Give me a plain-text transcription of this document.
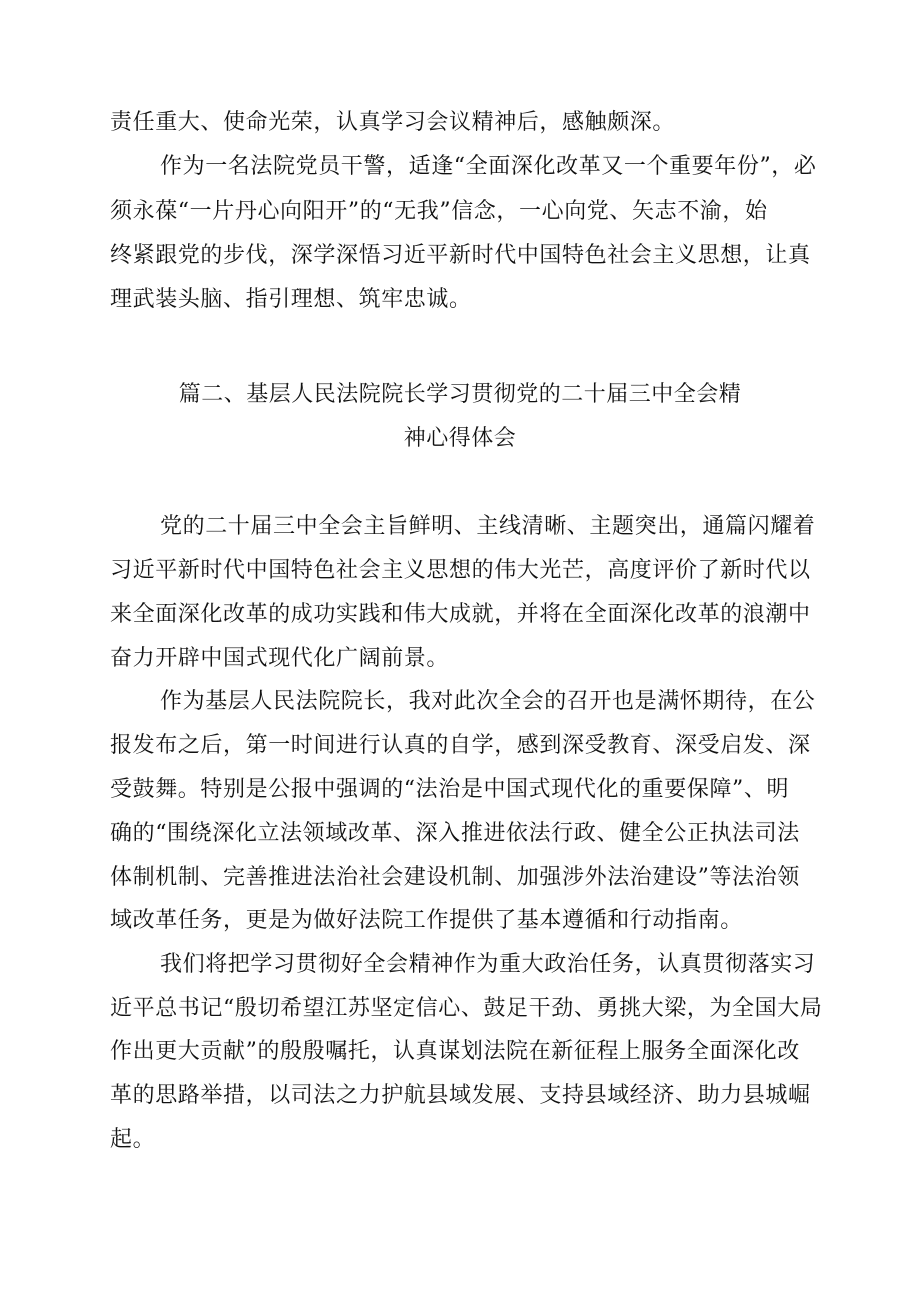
责任重大、使命光荣，认真学习会议精神后，感触颇深。
作为一名法院党员干警，适逢“全面深化改革又一个重要年份”，必
须永葆“一片丹心向阳开”的“无我”信念，一心向党、矢志不渝，始
终紧跟党的步伐，深学深悟习近平新时代中国特色社会主义思想，让真
理武装头脑、指引理想、筑牢忠诚。
篇二、基层人民法院院长学习贯彻党的二十届三中全会精
神心得体会
党的二十届三中全会主旨鲜明、主线清晰、主题突出，通篇闪耀着
习近平新时代中国特色社会主义思想的伟大光芒，高度评价了新时代以
来全面深化改革的成功实践和伟大成就，并将在全面深化改革的浪潮中
奋力开辟中国式现代化广阔前景。
作为基层人民法院院长，我对此次全会的召开也是满怀期待，在公
报发布之后，第一时间进行认真的自学，感到深受教育、深受启发、深
受鼓舞。特别是公报中强调的“法治是中国式现代化的重要保障”、明
确的“围绕深化立法领域改革、深入推进依法行政、健全公正执法司法
体制机制、完善推进法治社会建设机制、加强涉外法治建设”等法治领
域改革任务，更是为做好法院工作提供了基本遵循和行动指南。
我们将把学习贯彻好全会精神作为重大政治任务，认真贯彻落实习
近平总书记“殷切希望江苏坚定信心、鼓足干劲、勇挑大梁，为全国大局
作出更大贡献”的殷殷嘱托，认真谋划法院在新征程上服务全面深化改
革的思路举措，以司法之力护航县域发展、支持县域经济、助力县城崛
起。
